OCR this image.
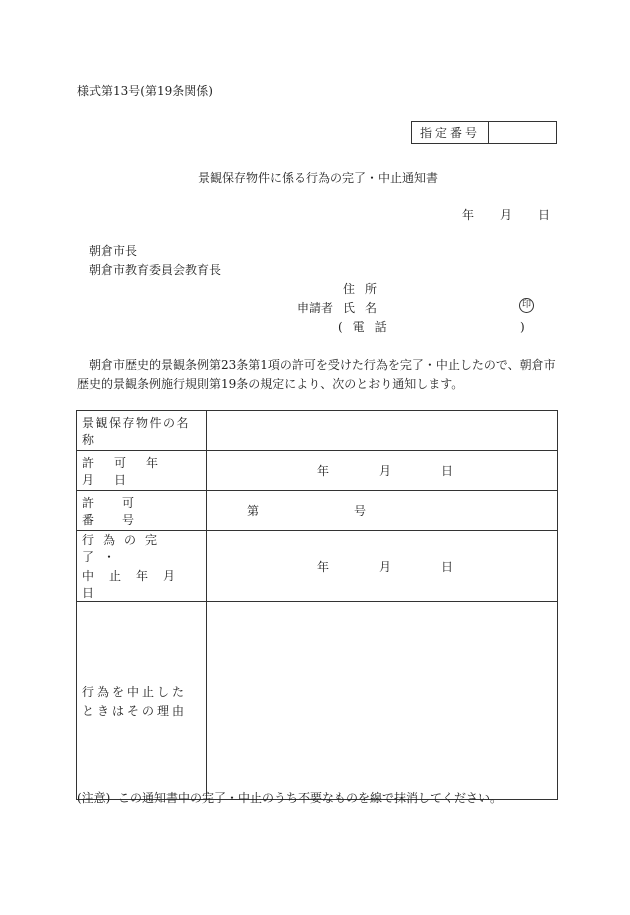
様式第13号(第19条関係)
指定番号
景観保存物件に係る行為の完了・中止通知書
年 月 日
朝倉市長
朝倉市教育委員会教育長
住所
申請者 氏名	印
(電話	)
朝倉市歴史的景観条例第23条第1項の許可を受けた行為を完了・中止したので、朝倉市歴史的景観条例施行規則第19条の規定により、次のとおり通知します。
景観保存物件の名称	
許可年月日	年 月 日

許可番号	第 号

行為の完了・
中止年月日	年 月 日

行為を中止した
ときはその理由	

(注意)  この通知書中の完了・中止のうち不要なものを線で抹消してください。
